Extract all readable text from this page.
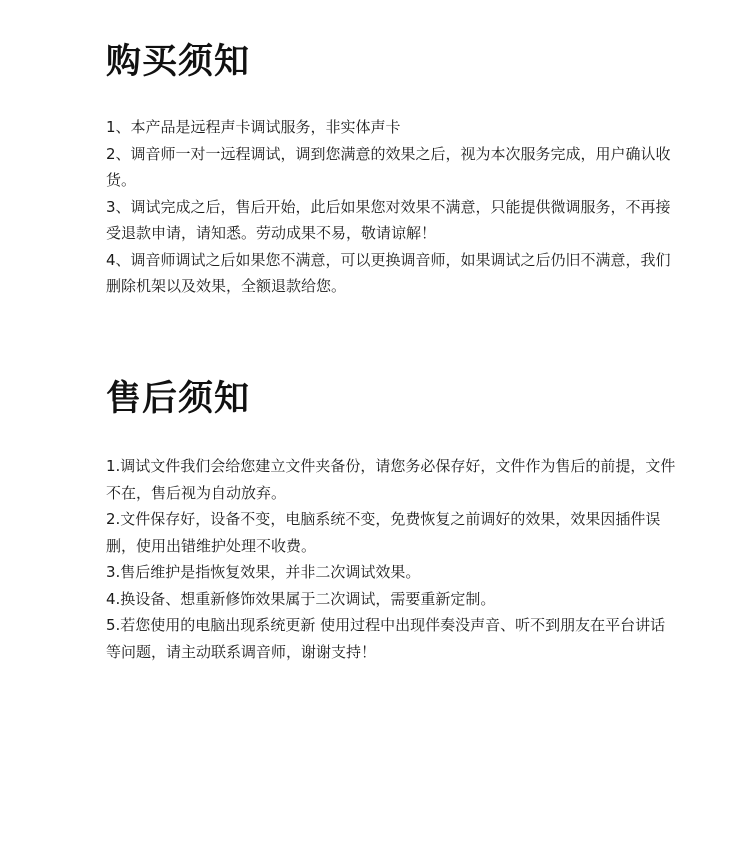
购买须知
1、本产品是远程声卡调试服务，非实体声卡
2、调音师一对一远程调试，调到您满意的效果之后，视为本次服务完成，用户确认收货。
3、调试完成之后，售后开始，此后如果您对效果不满意，只能提供微调服务，不再接受退款申请，请知悉。劳动成果不易，敬请谅解！
4、调音师调试之后如果您不满意，可以更换调音师，如果调试之后仍旧不满意，我们删除机架以及效果，全额退款给您。
售后须知
1.调试文件我们会给您建立文件夹备份，请您务必保存好，文件作为售后的前提，文件不在，售后视为自动放弃。
2.文件保存好，设备不变，电脑系统不变，免费恢复之前调好的效果，效果因插件误删，使用出错维护处理不收费。
3.售后维护是指恢复效果，并非二次调试效果。
4.换设备、想重新修饰效果属于二次调试，需要重新定制。
5.若您使用的电脑出现系统更新 使用过程中出现伴奏没声音、听不到朋友在平台讲话等问题，请主动联系调音师，谢谢支持！
